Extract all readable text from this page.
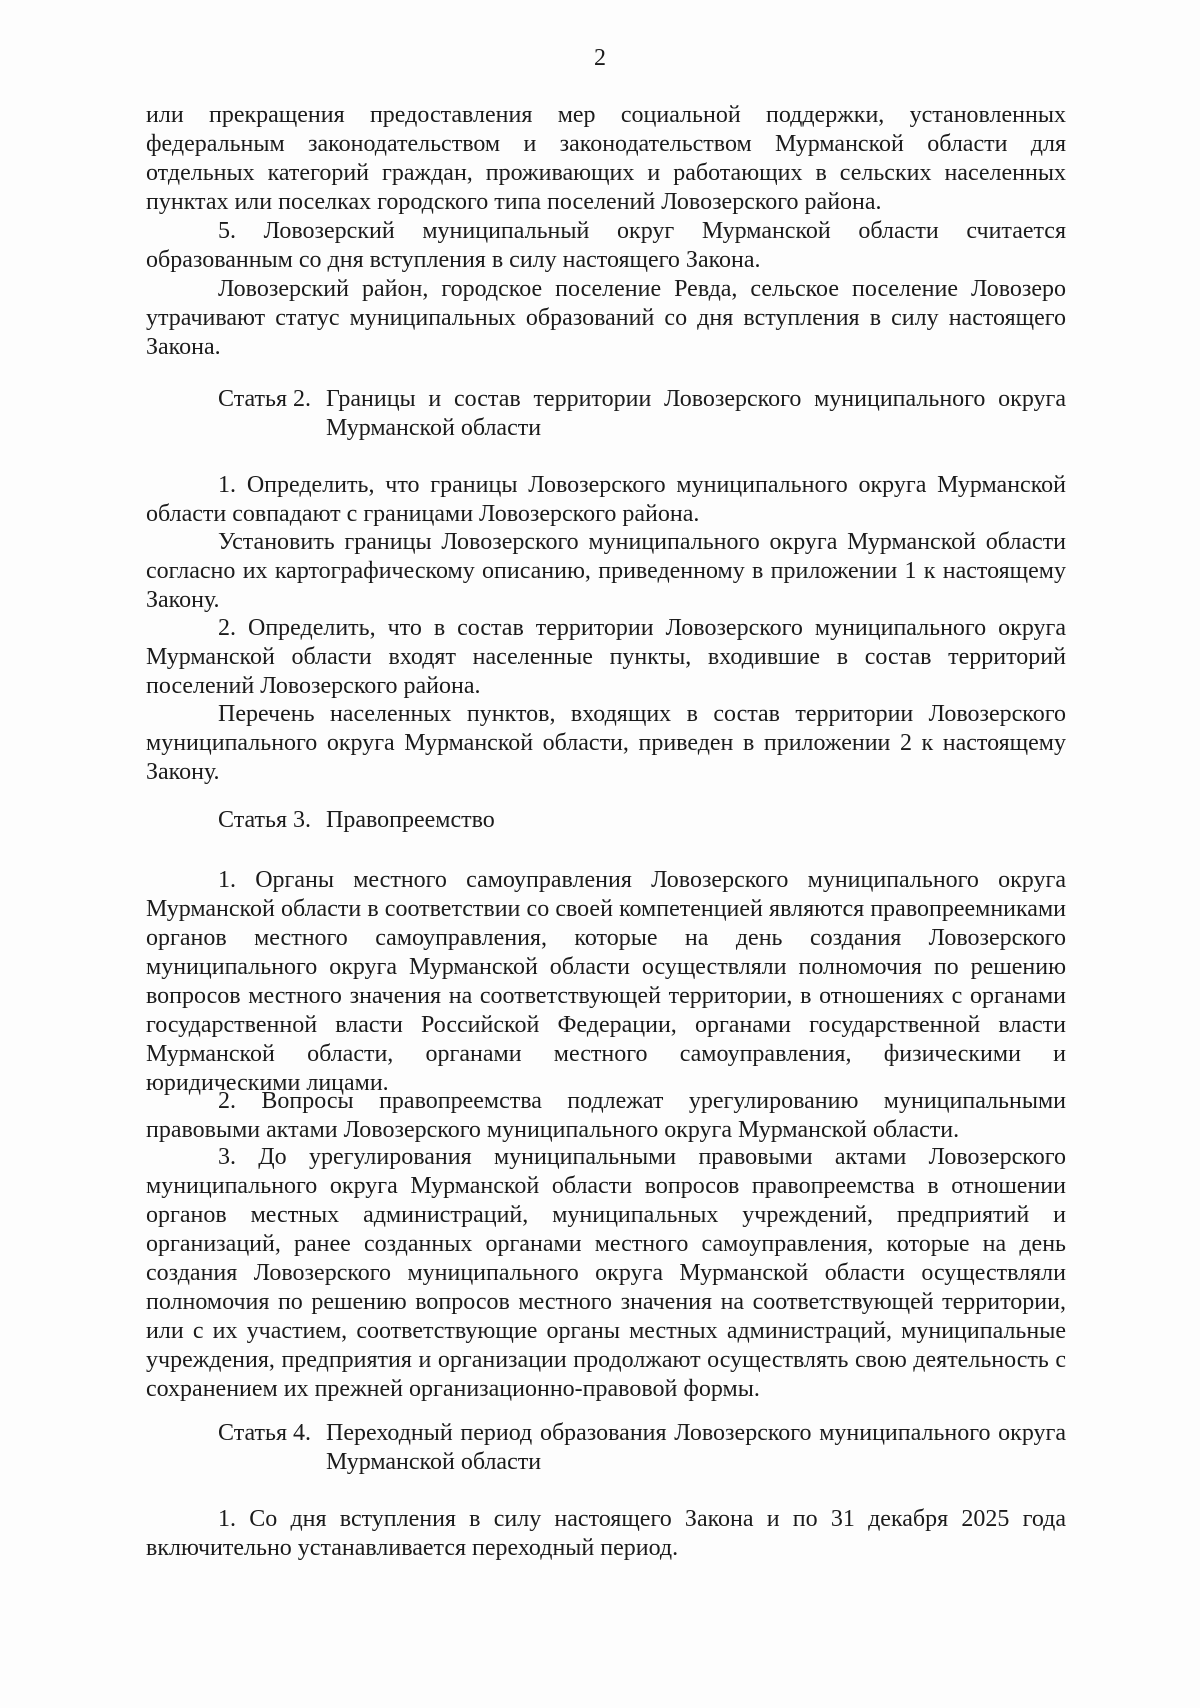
2

или прекращения предоставления мер социальной поддержки, установленных федеральным законодательством и законодательством Мурманской области для отдельных категорий граждан, проживающих и работающих в сельских населенных пунктах или поселках городского типа поселений Ловозерского района.

5. Ловозерский муниципальный округ Мурманской области считается образованным со дня вступления в силу настоящего Закона.

Ловозерский район, городское поселение Ревда, сельское поселение Ловозеро утрачивают статус муниципальных образований со дня вступления в силу настоящего Закона.

Статья 2. Границы и состав территории Ловозерского муниципального округа Мурманской области

1. Определить, что границы Ловозерского муниципального округа Мурманской области совпадают с границами Ловозерского района.

Установить границы Ловозерского муниципального округа Мурманской области согласно их картографическому описанию, приведенному в приложении 1 к настоящему Закону.

2. Определить, что в состав территории Ловозерского муниципального округа Мурманской области входят населенные пункты, входившие в состав территорий поселений Ловозерского района.

Перечень населенных пунктов, входящих в состав территории Ловозерского муниципального округа Мурманской области, приведен в приложении 2 к настоящему Закону.

Статья 3. Правопреемство

1. Органы местного самоуправления Ловозерского муниципального округа Мурманской области в соответствии со своей компетенцией являются правопреемниками органов местного самоуправления, которые на день создания Ловозерского муниципального округа Мурманской области осуществляли полномочия по решению вопросов местного значения на соответствующей территории, в отношениях с органами государственной власти Российской Федерации, органами государственной власти Мурманской области, органами местного самоуправления, физическими и юридическими лицами.

2. Вопросы правопреемства подлежат урегулированию муниципальными правовыми актами Ловозерского муниципального округа Мурманской области.

3. До урегулирования муниципальными правовыми актами Ловозерского муниципального округа Мурманской области вопросов правопреемства в отношении органов местных администраций, муниципальных учреждений, предприятий и организаций, ранее созданных органами местного самоуправления, которые на день создания Ловозерского муниципального округа Мурманской области осуществляли полномочия по решению вопросов местного значения на соответствующей территории, или с их участием, соответствующие органы местных администраций, муниципальные учреждения, предприятия и организации продолжают осуществлять свою деятельность с сохранением их прежней организационно-правовой формы.

Статья 4. Переходный период образования Ловозерского муниципального округа Мурманской области

1. Со дня вступления в силу настоящего Закона и по 31 декабря 2025 года включительно устанавливается переходный период.
